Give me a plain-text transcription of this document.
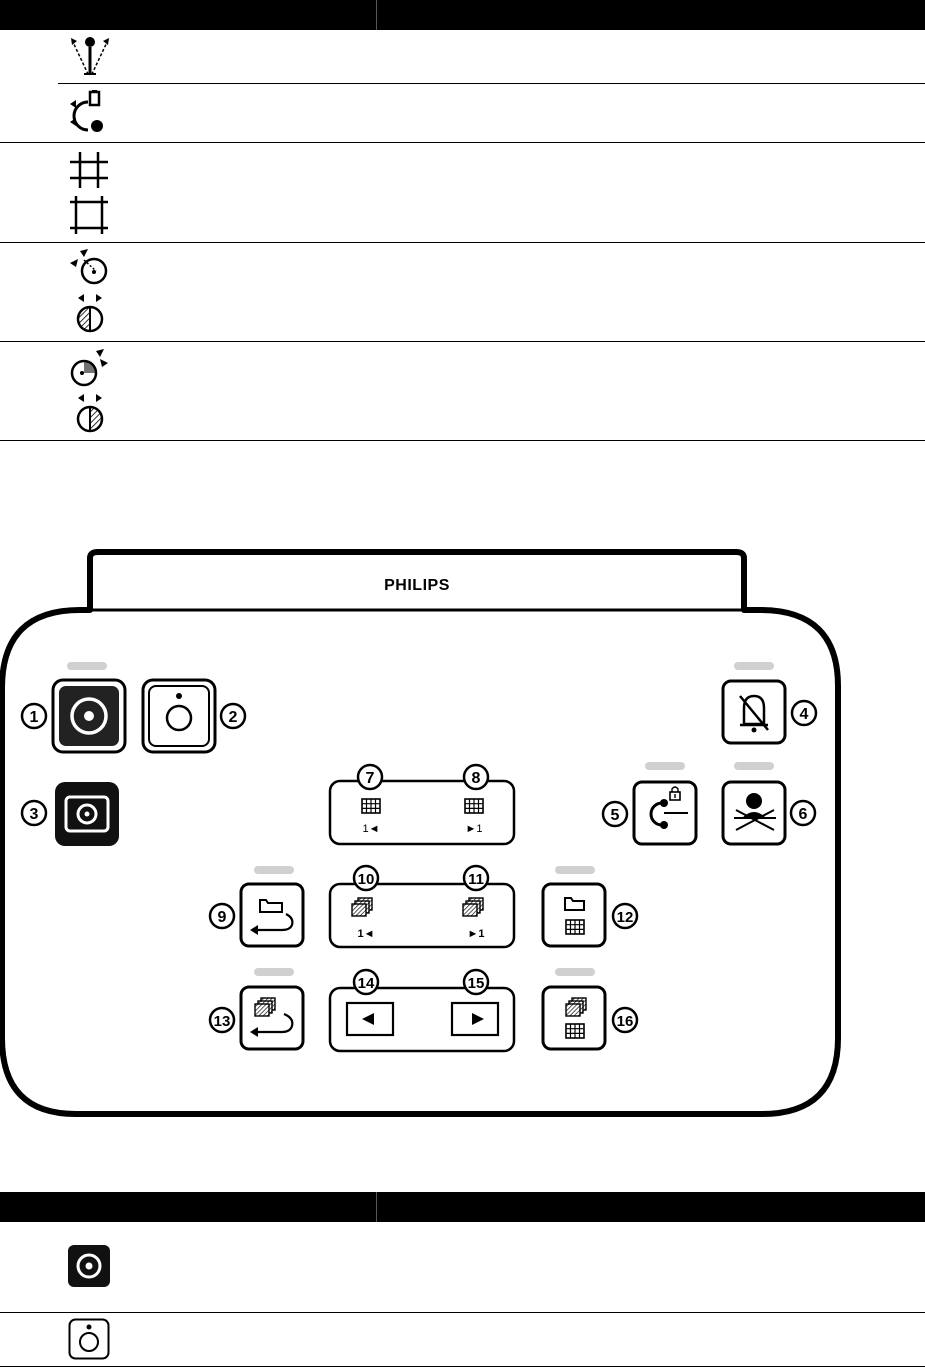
PHILIPS
1◄	►1
1◄	►1
1	2
3
4
5	6
7	8
9
10	11
12
13
14	15
16
